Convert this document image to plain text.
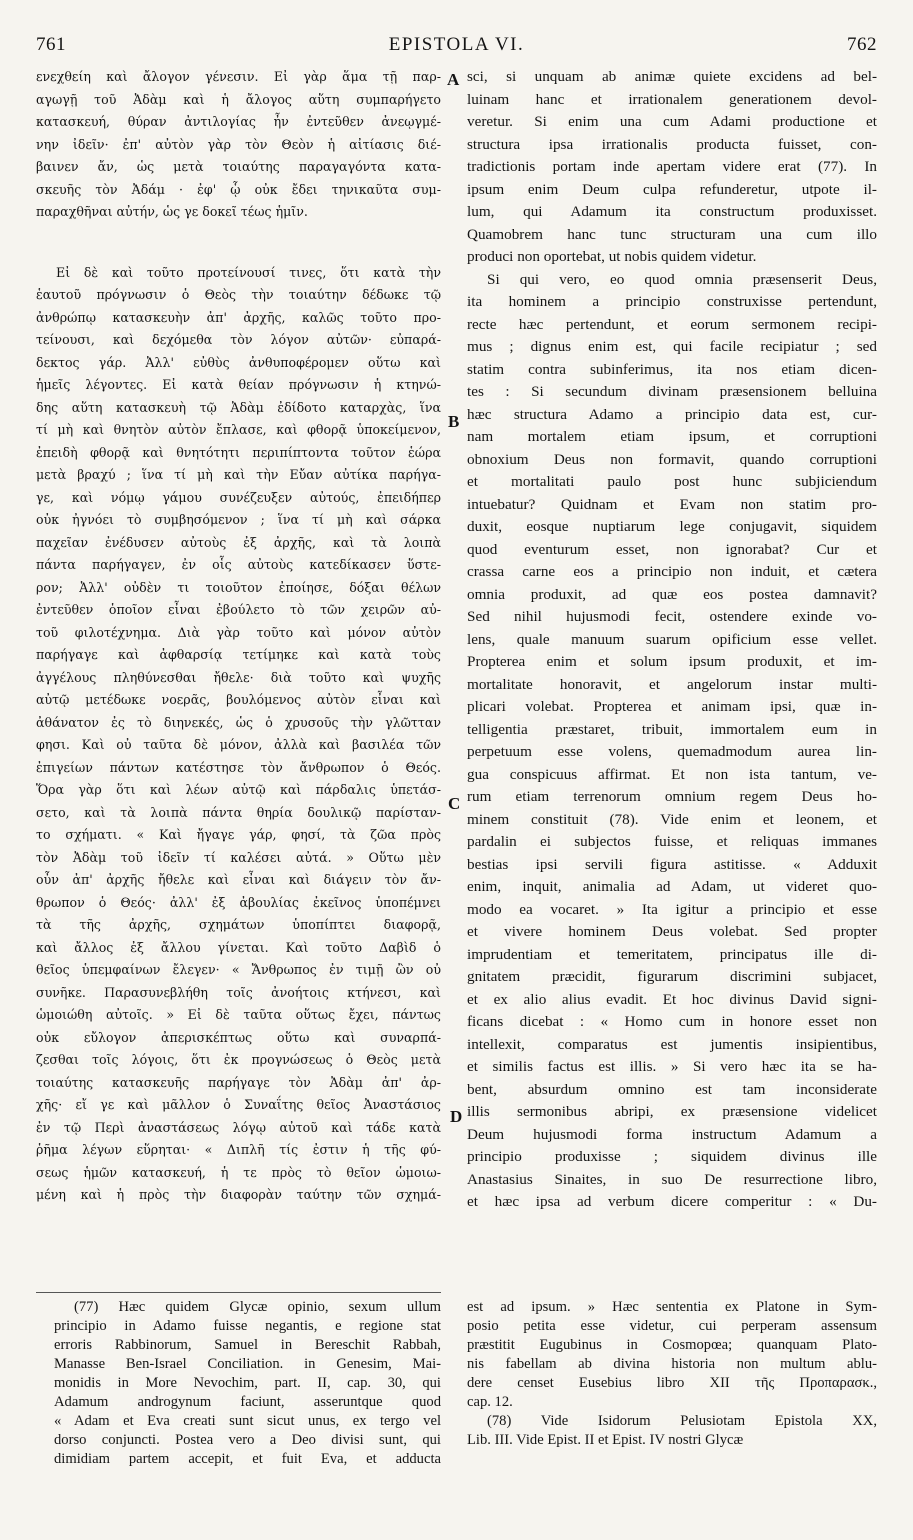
761	EPISTOLA VI.	762
A
B
C
D

ενεχθείη καὶ ἄλογον γένεσιν. Εἰ γὰρ ἅμα τῇ παρ-

αγωγῇ τοῦ Ἀδὰμ καὶ ἡ ἄλογος αὕτη συμπαρήγετο

κατασκευή, θύραν ἀντιλογίας ἦν ἐντεῦθεν ἀνεῳγμέ-

νην ἰδεῖν· ἐπ' αὐτὸν γὰρ τὸν Θεὸν ἡ αἰτίασις διέ-

βαινεν ἄν, ὡς μετὰ τοιαύτης παραγαγόντα κατα-

σκευῆς τὸν Ἀδάμ · ἐφ' ᾧ οὐκ ἔδει τηνικαῦτα συμ-

παραχθῆναι αὐτήν, ὡς γε δοκεῖ τέως ἡμῖν.

Εἰ δὲ καὶ τοῦτο προτείνουσί τινες, ὅτι κατὰ τὴν

ἑαυτοῦ πρόγνωσιν ὁ Θεὸς τὴν τοιαύτην δέδωκε τῷ

ἀνθρώπῳ κατασκευὴν ἀπ' ἀρχῆς, καλῶς τοῦτο προ-

τείνουσι, καὶ δεχόμεθα τὸν λόγον αὐτῶν· εὐπαρά-

δεκτος γάρ. Ἀλλ' εὐθὺς ἀνθυποφέρομεν οὕτω καὶ

ἡμεῖς λέγοντες. Εἰ κατὰ θείαν πρόγνωσιν ἡ κτηνώ-

δης αὕτη κατασκευὴ τῷ Ἀδὰμ ἐδίδοτο καταρχὰς, ἵνα

τί μὴ καὶ θνητὸν αὐτὸν ἔπλασε, καὶ φθορᾷ ὑποκείμενον,

ἐπειδὴ φθορᾷ καὶ θνητότητι περιπίπτοντα τοῦτον ἑώρα

μετὰ βραχύ ; ἵνα τί μὴ καὶ τὴν Εὔαν αὐτίκα παρήγα-

γε, καὶ νόμῳ γάμου συνέζευξεν αὐτούς, ἐπειδήπερ

οὐκ ἠγνόει τὸ συμβησόμενον ; ἵνα τί μὴ καὶ σάρκα

παχεῖαν ἐνέδυσεν αὐτοὺς ἐξ ἀρχῆς, καὶ τὰ λοιπὰ

πάντα παρήγαγεν, ἐν οἷς αὐτοὺς κατεδίκασεν ὕστε-

ρον; Ἀλλ' οὐδὲν τι τοιοῦτον ἐποίησε, δόξαι θέλων

ἐντεῦθεν ὁποῖον εἶναι ἐβούλετο τὸ τῶν χειρῶν αὐ-

τοῦ φιλοτέχνημα. Διὰ γὰρ τοῦτο καὶ μόνον αὐτὸν

παρήγαγε καὶ ἀφθαρσίᾳ τετίμηκε καὶ κατὰ τοὺς

ἀγγέλους πληθύνεσθαι ἤθελε· διὰ τοῦτο καὶ ψυχῆς

αὐτῷ μετέδωκε νοερᾶς, βουλόμενος αὐτὸν εἶναι καὶ

ἀθάνατον ἐς τὸ διηνεκές, ὡς ὁ χρυσοῦς τὴν γλῶτταν

φησι. Καὶ οὐ ταῦτα δὲ μόνον, ἀλλὰ καὶ βασιλέα τῶν

ἐπιγείων πάντων κατέστησε τὸν ἄνθρωπον ὁ Θεός.

Ὅρα γὰρ ὅτι καὶ λέων αὐτῷ καὶ πάρδαλις ὑπετάσ-

σετο, καὶ τὰ λοιπὰ πάντα θηρία δουλικῷ παρίσταν-

το σχήματι. « Καὶ ἤγαγε γάρ, φησί, τὰ ζῶα πρὸς

τὸν Ἀδὰμ τοῦ ἰδεῖν τί καλέσει αὐτά. » Οὕτω μὲν

οὖν ἀπ' ἀρχῆς ἤθελε καὶ εἶναι καὶ διάγειν τὸν ἄν-

θρωπον ὁ Θεός· ἀλλ' ἐξ ἀβουλίας ἐκεῖνος ὑποπέμνει

τὰ τῆς ἀρχῆς, σχημάτων ὑποπίπτει διαφορᾷ,

καὶ ἄλλος ἐξ ἄλλου γίνεται. Καὶ τοῦτο Δαβὶδ ὁ

θεῖος ὑπεμφαίνων ἔλεγεν· « Ἄνθρωπος ἐν τιμῇ ὢν οὐ

συνῆκε. Παρασυνεβλήθη τοῖς ἀνοήτοις κτήνεσι, καὶ

ὡμοιώθη αὐτοῖς. » Εἰ δὲ ταῦτα οὕτως ἔχει, πάντως

οὐκ εὔλογον ἀπερισκέπτως οὕτω καὶ συναρπά-

ζεσθαι τοῖς λόγοις, ὅτι ἐκ προγνώσεως ὁ Θεὸς μετὰ

τοιαύτης κατασκευῆς παρήγαγε τὸν Ἀδὰμ ἀπ' ἀρ-

χῆς· εἴ γε καὶ μᾶλλον ὁ Συναΐτης θεῖος Ἀναστάσιος

ἐν τῷ Περὶ ἀναστάσεως λόγῳ αὐτοῦ καὶ τάδε κατὰ

ῥῆμα λέγων εὕρηται· « Διπλῆ τίς ἐστιν ἡ τῆς φύ-

σεως ἡμῶν κατασκευή, ἡ τε πρὸς τὸ θεῖον ὡμοιω-

μένη καὶ ἡ πρὸς τὴν διαφορὰν ταύτην τῶν σχημά-

sci, si unquam ab animæ quiete excidens ad bel-

luinam hanc et irrationalem generationem devol-

veretur. Si enim una cum Adami productione et

structura ipsa irrationalis producta fuisset, con-

tradictionis portam inde apertam videre erat (77). In

ipsum enim Deum culpa refunderetur, utpote il-

lum, qui Adamum ita constructum produxisset.

Quamobrem hanc tunc structuram una cum illo

produci non oportebat, ut nobis quidem videtur.

Si qui vero, eo quod omnia præsenserit Deus,

ita hominem a principio construxisse pertendunt,

recte hæc pertendunt, et eorum sermonem recipi-

mus ; dignus enim est, qui facile recipiatur ; sed

statim contra subinferimus, ita nos etiam dicen-

tes : Si secundum divinam præsensionem belluina

hæc structura Adamo a principio data est, cur-

nam mortalem etiam ipsum, et corruptioni

obnoxium Deus non formavit, quando corruptioni

et mortalitati paulo post hunc subjiciendum

intuebatur? Quidnam et Evam non statim pro-

duxit, eosque nuptiarum lege conjugavit, siquidem

quod eventurum esset, non ignorabat? Cur et

crassa carne eos a principio non induit, et cætera

omnia produxit, ad quæ eos postea damnavit?

Sed nihil hujusmodi fecit, ostendere exinde vo-

lens, quale manuum suarum opificium esse vellet.

Propterea enim et solum ipsum produxit, et im-

mortalitate honoravit, et angelorum instar multi-

plicari volebat. Propterea et animam ipsi, quæ in-

telligentia præstaret, tribuit, immortalem eum in

perpetuum esse volens, quemadmodum aurea lin-

gua conspicuus affirmat. Et non ista tantum, ve-

rum etiam terrenorum omnium regem Deus ho-

minem constituit (78). Vide enim et leonem, et

pardalin ei subjectos fuisse, et reliquas immanes

bestias ipsi servili figura astitisse. « Adduxit

enim, inquit, animalia ad Adam, ut videret quo-

modo ea vocaret. » Ita igitur a principio et esse

et vivere hominem Deus volebat. Sed propter

imprudentiam et temeritatem, principatus ille di-

gnitatem præcidit, figurarum discrimini subjacet,

et ex alio alius evadit. Et hoc divinus David signi-

ficans dicebat : « Homo cum in honore esset non

intellexit, comparatus est jumentis insipientibus,

et similis factus est illis. » Si vero hæc ita se ha-

bent, absurdum omnino est tam inconsiderate

illis sermonibus abripi, ex præsensione videlicet

Deum hujusmodi forma instructum Adamum a

principio produxisse ; siquidem divinus ille

Anastasius Sinaites, in suo De resurrectione libro,

et hæc ipsa ad verbum dicere comperitur : « Du-

(77) Hæc quidem Glycæ opinio, sexum ullum

principio in Adamo fuisse negantis, e regione stat

erroris Rabbinorum, Samuel in Bereschit Rabbah,

Manasse Ben-Israel Conciliation. in Genesim, Mai-

monidis in More Nevochim, part. II, cap. 30, qui

Adamum androgynum faciunt, asseruntque quod

« Adam et Eva creati sunt sicut unus, ex tergo vel

dorso conjuncti. Postea vero a Deo divisi sunt, qui

dimidiam partem accepit, et fuit Eva, et adducta

est ad ipsum. » Hæc sententia ex Platone in Sym-

posio petita esse videtur, cui perperam assensum

præstitit Eugubinus in Cosmopœa; quanquam Plato-

nis fabellam ab divina historia non multum ablu-

dere censet Eusebius libro XII τῆς Προπαρασκ.,

cap. 12.

(78) Vide Isidorum Pelusiotam Epistola XX,

Lib. III. Vide Epist. II et Epist. IV nostri Glycæ
